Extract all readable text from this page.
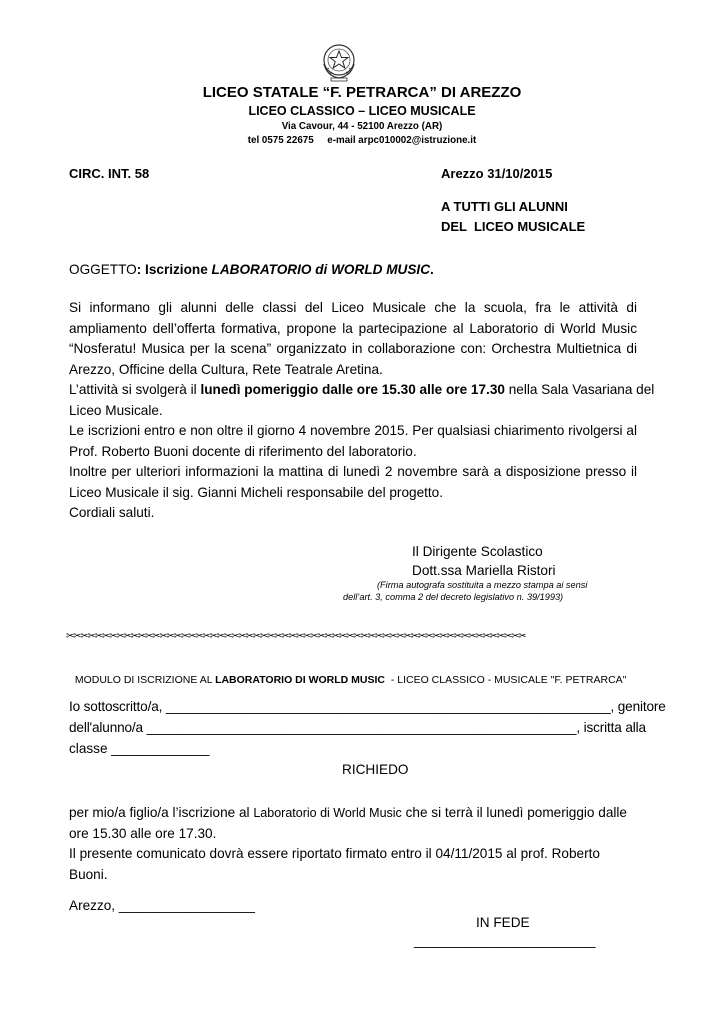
LICEO STATALE “F. PETRARCA” DI AREZZO
LICEO CLASSICO – LICEO MUSICALE
Via Cavour, 44 - 52100 Arezzo (AR)
tel 0575 22675     e-mail arpc010002@istruzione.it
CIRC. INT. 58	Arezzo 31/10/2015
A TUTTI GLI ALUNNI
DEL  LICEO MUSICALE
OGGETTO: Iscrizione LABORATORIO di WORLD MUSIC.
Si informano gli alunni delle classi del Liceo Musicale che la scuola, fra le attività di
ampliamento dell’offerta formativa, propone la partecipazione al Laboratorio di World Music
“Nosferatu! Musica per la scena” organizzato in collaborazione con: Orchestra Multietnica di
Arezzo, Officine della Cultura, Rete Teatrale Aretina.
L’attività si svolgerà il lunedì pomeriggio dalle ore 15.30 alle ore 17.30 nella Sala Vasariana del
Liceo Musicale.
Le iscrizioni entro e non oltre il giorno 4 novembre 2015. Per qualsiasi chiarimento rivolgersi al
Prof. Roberto Buoni docente di riferimento del laboratorio.
Inoltre per ulteriori informazioni la mattina di lunedì 2 novembre sarà a disposizione presso il
Liceo Musicale il sig. Gianni Micheli responsabile del progetto.
Cordiali saluti.
Il Dirigente Scolastico
Dott.ssa Mariella Ristori
(Firma autografa sostituita a mezzo stampa ai sensi
dell’art. 3, comma 2 del decreto legislativo n. 39/1993)
✂✂✂✂✂✂✂✂✂✂✂✂✂✂✂✂✂✂✂✂✂✂✂✂✂✂✂✂✂✂✂✂✂✂✂✂✂✂✂✂✂✂✂✂✂✂✂✂✂✂✂✂✂✂✂✂✂✂✂✂✂✂✂✂

MODULO DI ISCRIZIONE AL LABORATORIO DI WORLD MUSIC  - LICEO CLASSICO - MUSICALE "F. PETRARCA"

Io sottoscritto/a, ____________________________________________________________, genitore
dell'alunno/a __________________________________________________________, iscritta alla
classe _____________
RICHIEDO
per mio/a figlio/a l’iscrizione al Laboratorio di World Music che si terrà il lunedì pomeriggio dalle
ore 15.30 alle ore 17.30.
Il presente comunicato dovrà essere riportato firmato entro il 04/11/2015 al prof. Roberto
Buoni.
Arezzo, __________________
IN FEDE
________________________
